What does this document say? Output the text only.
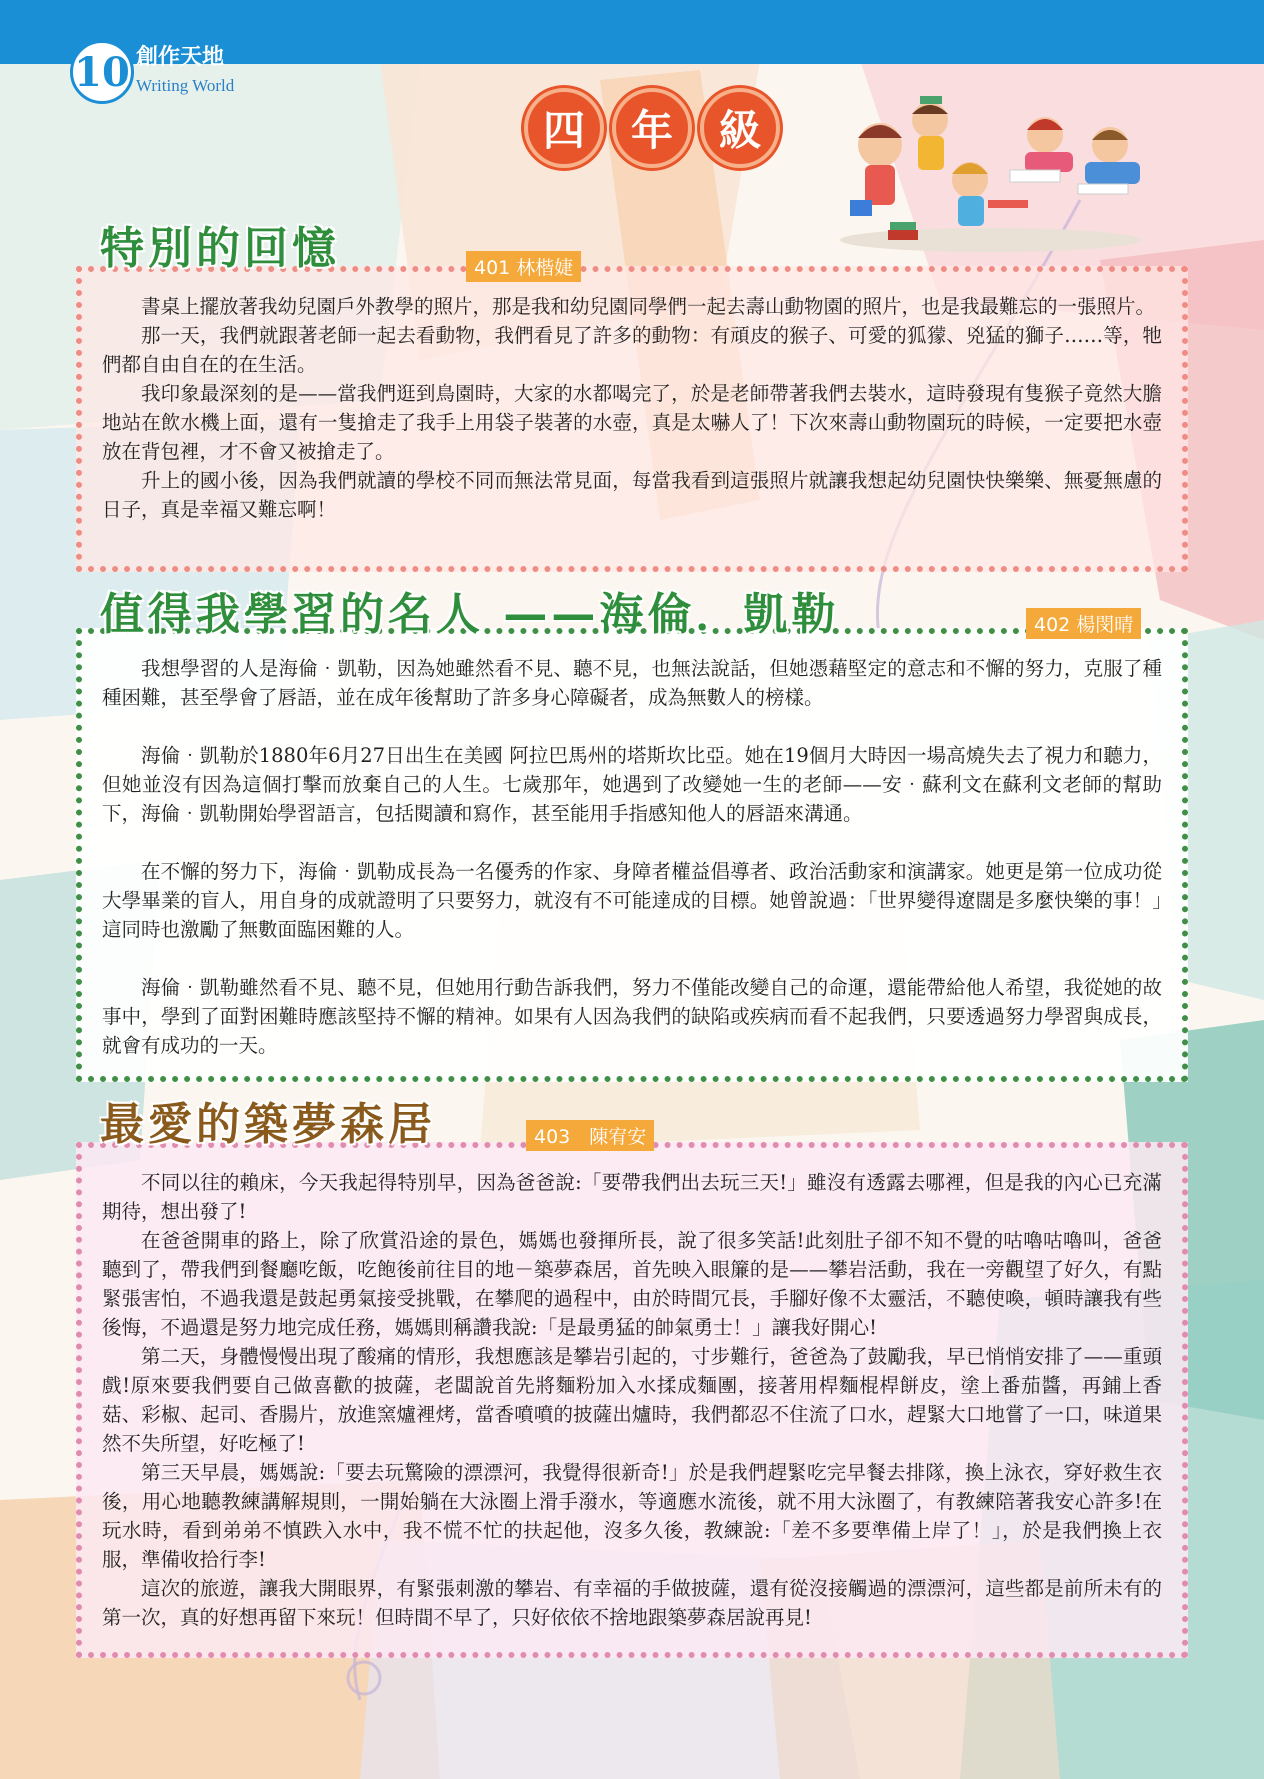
10 創作天地
Writing World
四	年	級
特別的回憶	401 林楷婕

書桌上擺放著我幼兒園戶外教學的照片，那是我和幼兒園同學們一起去壽山動物園的照片，也是我最難忘的一張照片。

那一天，我們就跟著老師一起去看動物，我們看見了許多的動物：有頑皮的猴子、可愛的狐獴、兇猛的獅子……等，牠們都自由自在的在生活。

我印象最深刻的是——當我們逛到鳥園時，大家的水都喝完了，於是老師帶著我們去裝水，這時發現有隻猴子竟然大膽地站在飲水機上面，還有一隻搶走了我手上用袋子裝著的水壺，真是太嚇人了！下次來壽山動物園玩的時候，一定要把水壺放在背包裡，才不會又被搶走了。

升上的國小後，因為我們就讀的學校不同而無法常見面，每當我看到這張照片就讓我想起幼兒園快快樂樂、無憂無慮的日子，真是幸福又難忘啊！

值得我學習的名人 ——海倫．凱勒	402 楊閔晴

我想學習的人是海倫‧凱勒，因為她雖然看不見、聽不見，也無法說話，但她憑藉堅定的意志和不懈的努力，克服了種種困難，甚至學會了唇語，並在成年後幫助了許多身心障礙者，成為無數人的榜樣。

海倫‧凱勒於1880年6月27日出生在美國 阿拉巴馬州的塔斯坎比亞。她在19個月大時因一場高燒失去了視力和聽力，但她並沒有因為這個打擊而放棄自己的人生。七歲那年，她遇到了改變她一生的老師——安‧蘇利文在蘇利文老師的幫助下，海倫‧凱勒開始學習語言，包括閱讀和寫作，甚至能用手指感知他人的唇語來溝通。

在不懈的努力下，海倫‧凱勒成長為一名優秀的作家、身障者權益倡導者、政治活動家和演講家。她更是第一位成功從大學畢業的盲人，用自身的成就證明了只要努力，就沒有不可能達成的目標。她曾說過：「世界變得遼闊是多麼快樂的事！」這同時也激勵了無數面臨困難的人。

海倫‧凱勒雖然看不見、聽不見，但她用行動告訴我們，努力不僅能改變自己的命運，還能帶給他人希望，我從她的故事中，學到了面對困難時應該堅持不懈的精神。如果有人因為我們的缺陷或疾病而看不起我們，只要透過努力學習與成長，就會有成功的一天。

最愛的築夢森居	403　陳宥安

不同以往的賴床，今天我起得特別早，因為爸爸說:「要帶我們出去玩三天!」雖沒有透露去哪裡，但是我的內心已充滿期待，想出發了!

在爸爸開車的路上，除了欣賞沿途的景色，媽媽也發揮所長，說了很多笑話!此刻肚子卻不知不覺的咕嚕咕嚕叫，爸爸聽到了，帶我們到餐廳吃飯，吃飽後前往目的地－築夢森居，首先映入眼簾的是——攀岩活動，我在一旁觀望了好久，有點緊張害怕，不過我還是鼓起勇氣接受挑戰，在攀爬的過程中，由於時間冗長，手腳好像不太靈活，不聽使喚，頓時讓我有些後悔，不過還是努力地完成任務，媽媽則稱讚我說:「是最勇猛的帥氣勇士！」讓我好開心!

第二天，身體慢慢出現了酸痛的情形，我想應該是攀岩引起的，寸步難行，爸爸為了鼓勵我，早已悄悄安排了——重頭戲!原來要我們要自己做喜歡的披薩，老闆說首先將麵粉加入水揉成麵團，接著用桿麵棍桿餅皮，塗上番茄醬，再鋪上香菇、彩椒、起司、香腸片，放進窯爐裡烤，當香噴噴的披薩出爐時，我們都忍不住流了口水，趕緊大口地嘗了一口，味道果然不失所望，好吃極了!

第三天早晨，媽媽說:「要去玩驚險的漂漂河，我覺得很新奇!」於是我們趕緊吃完早餐去排隊，換上泳衣，穿好救生衣後，用心地聽教練講解規則，一開始躺在大泳圈上滑手潑水，等適應水流後，就不用大泳圈了，有教練陪著我安心許多!在玩水時，看到弟弟不慎跌入水中，我不慌不忙的扶起他，沒多久後，教練說:「差不多要準備上岸了！」，於是我們換上衣服，準備收拾行李!

這次的旅遊，讓我大開眼界，有緊張刺激的攀岩、有幸福的手做披薩，還有從沒接觸過的漂漂河，這些都是前所未有的第一次，真的好想再留下來玩！但時間不早了，只好依依不捨地跟築夢森居說再見!
